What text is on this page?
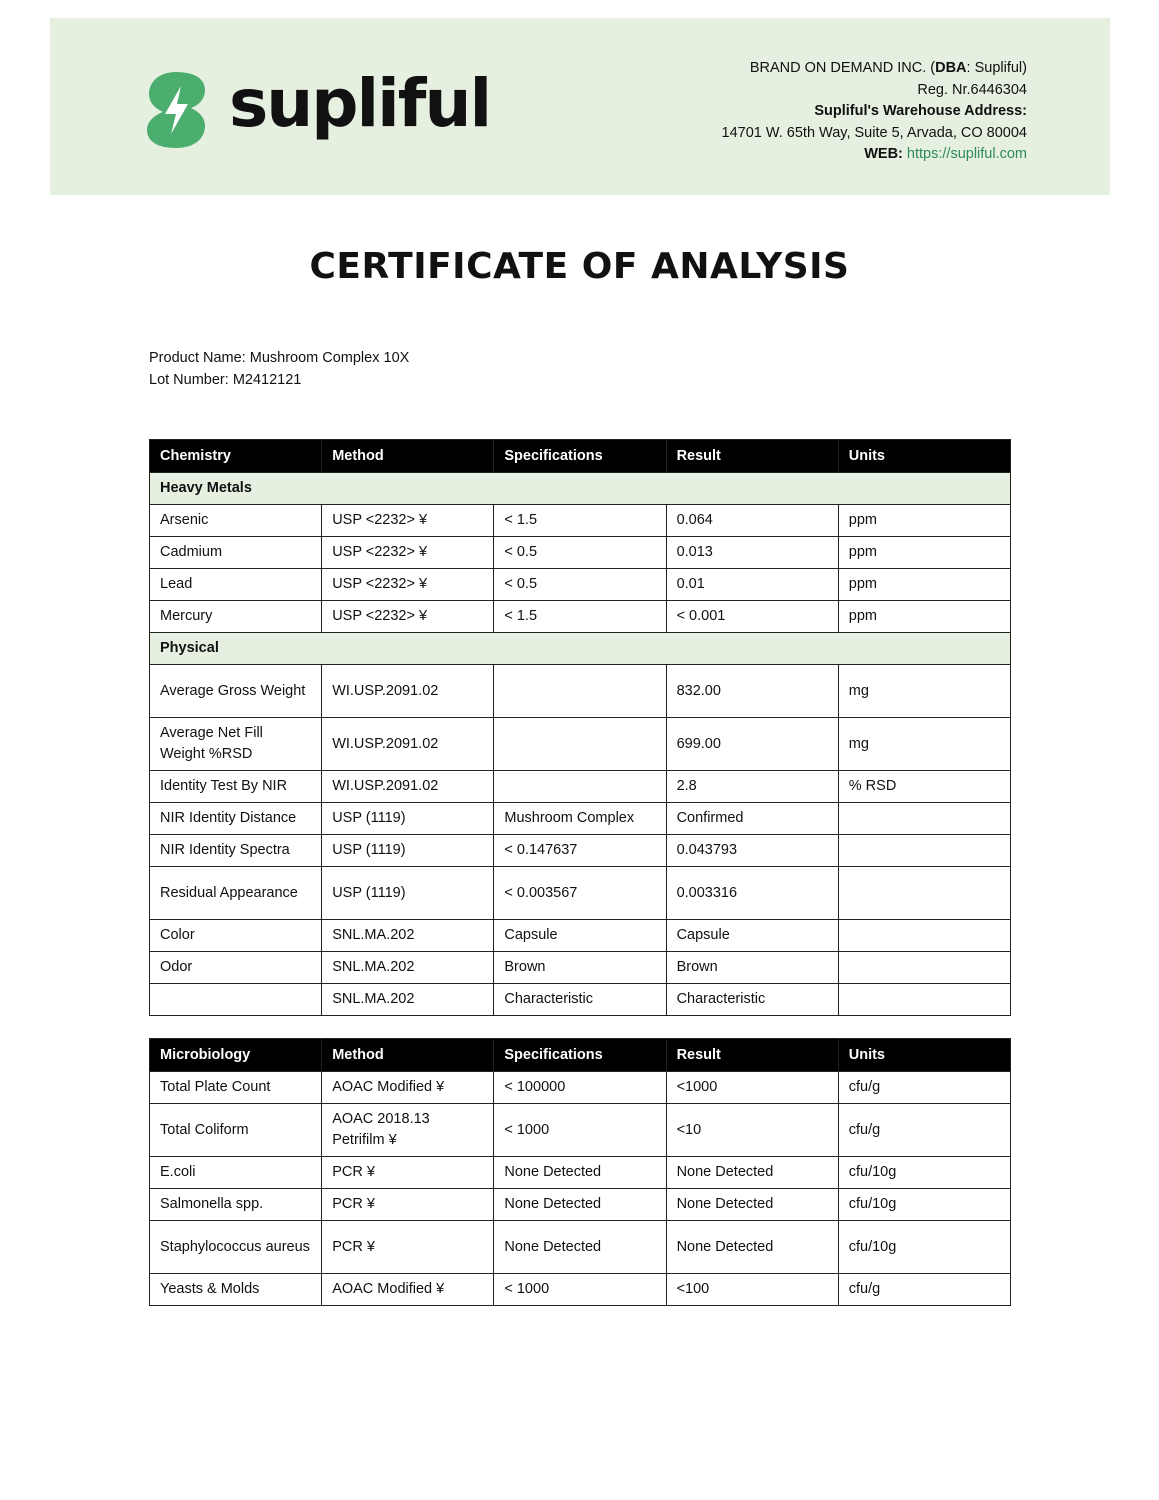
supliful	BRAND ON DEMAND INC. (DBA: Supliful)
Reg. Nr.6446304
Supliful's Warehouse Address:
14701 W. 65th Way, Suite 5, Arvada, CO 80004
WEB: https://supliful.com
CERTIFICATE OF ANALYSIS
Product Name: Mushroom Complex 10X
Lot Number: M2412121
Chemistry	Method	Specifications	Result	Units
Heavy Metals				
Arsenic	USP <2232> ¥	< 1.5	0.064	ppm
Cadmium	USP <2232> ¥	< 0.5	0.013	ppm
Lead	USP <2232> ¥	< 0.5	0.01	ppm
Mercury	USP <2232> ¥	< 1.5	< 0.001	ppm
Physical				
Average Gross Weight	WI.USP.2091.02		832.00	mg
Average Net Fill Weight %RSD	WI.USP.2091.02		699.00	mg
Identity Test By NIR	WI.USP.2091.02		2.8	% RSD
NIR Identity Distance	USP (1119)	Mushroom Complex	Confirmed	
NIR Identity Spectra	USP (1119)	< 0.147637	0.043793	
Residual Appearance	USP (1119)	< 0.003567	0.003316	
Color	SNL.MA.202	Capsule	Capsule	
Odor	SNL.MA.202	Brown	Brown	
	SNL.MA.202	Characteristic	Characteristic	
Microbiology	Method	Specifications	Result	Units
Total Plate Count	AOAC Modified ¥	< 100000	<1000	cfu/g
Total Coliform	AOAC 2018.13 Petrifilm ¥	< 1000	<10	cfu/g
E.coli	PCR ¥	None Detected	None Detected	cfu/10g
Salmonella spp.	PCR ¥	None Detected	None Detected	cfu/10g
Staphylococcus aureus	PCR ¥	None Detected	None Detected	cfu/10g
Yeasts & Molds	AOAC Modified ¥	< 1000	<100	cfu/g
